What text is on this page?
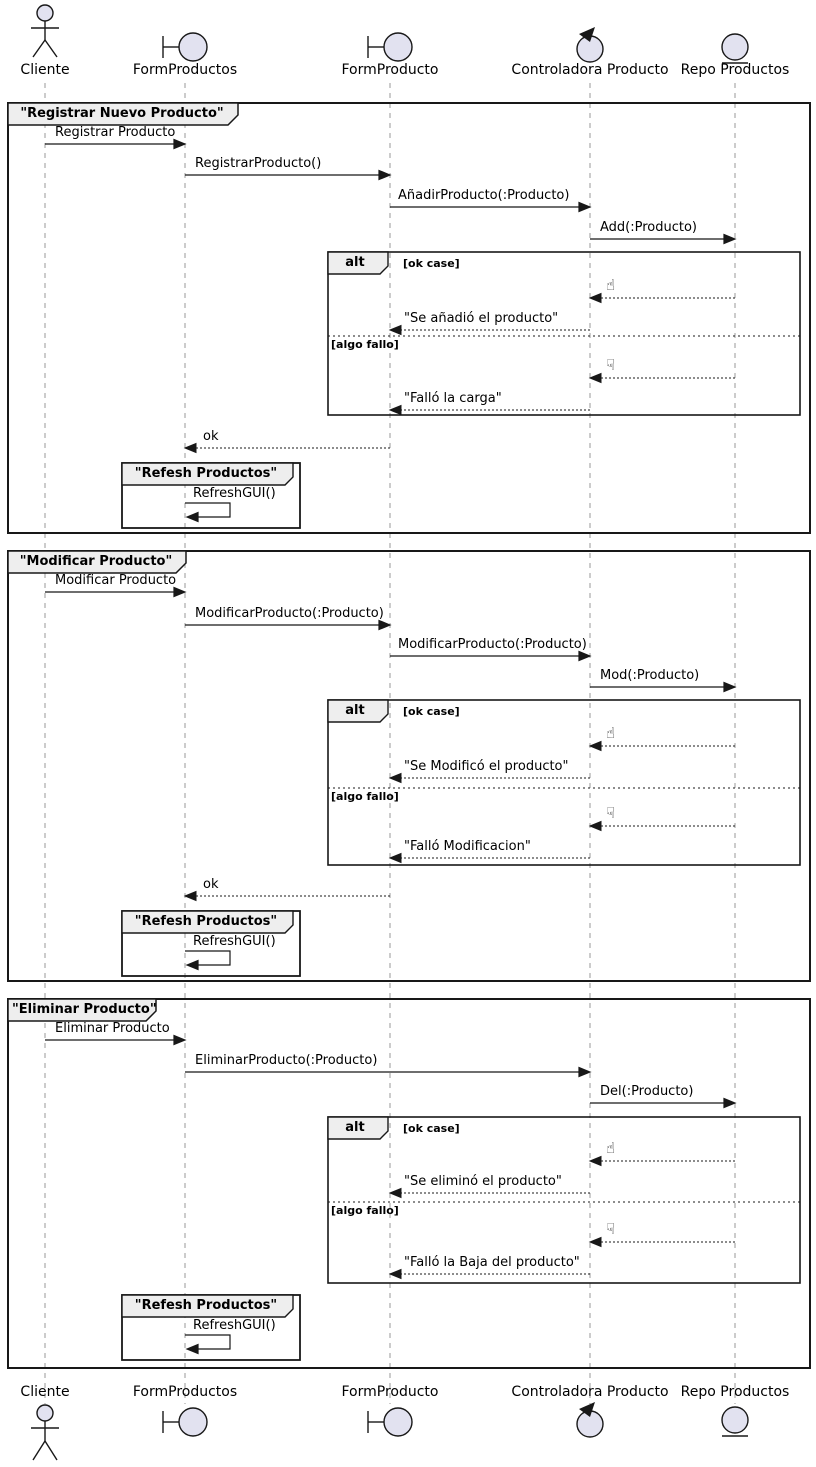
Cliente	FormProductos	FormProducto	Controladora Producto Repo Productos
Cliente	FormProductos	FormProducto	Controladora Producto Repo Productos
"Registrar Nuevo Producto"
Registrar Producto
RegistrarProducto()
AñadirProducto(:Producto)
Add(:Producto)
alt	[ok case]
☝
"Se añadió el producto"
[algo fallo]
☟
"Falló la carga"
ok
"Refesh Productos"
RefreshGUI()
"Modificar Producto"
Modificar Producto
ModificarProducto(:Producto)
ModificarProducto(:Producto)
Mod(:Producto)
alt	[ok case]
☝
"Se Modificó el producto"
[algo fallo]
☟
"Falló Modificacion"
ok
"Refesh Productos"
RefreshGUI()
"Eliminar Producto"
Eliminar Producto
EliminarProducto(:Producto)
Del(:Producto)
alt	[ok case]
☝
"Se eliminó el producto"
[algo fallo]
☟
"Falló la Baja del producto"
"Refesh Productos"
RefreshGUI()
